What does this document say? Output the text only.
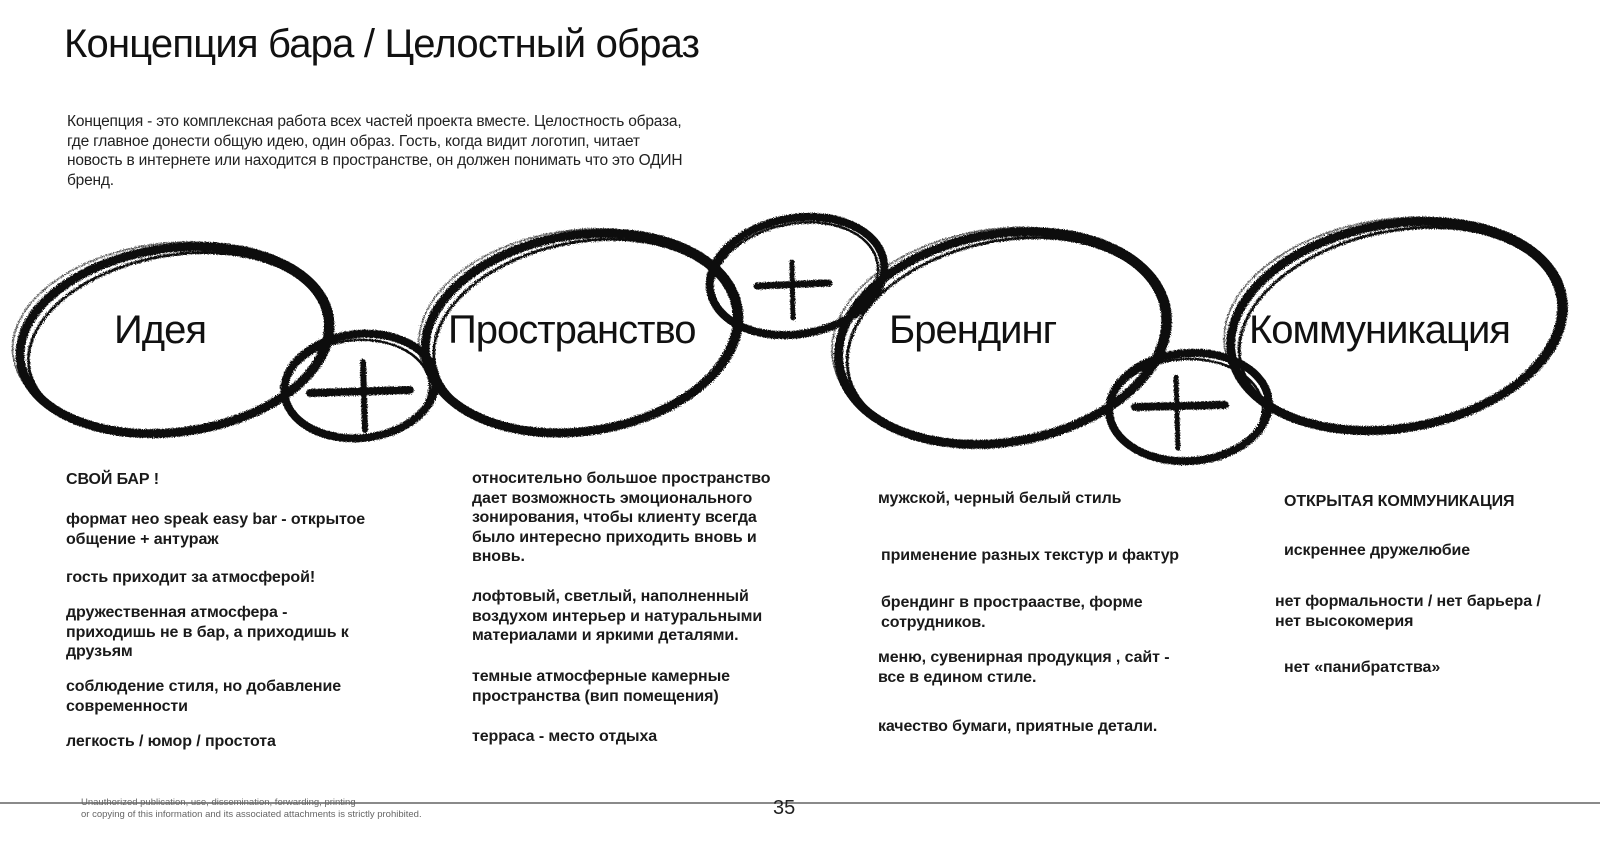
Концепция бара / Целостный образ
Концепция - это комплексная работа всех частей проекта вместе. Целостность образа,
где главное донести общую идею, один образ. Гость, когда видит логотип, читает
новость в интернете или находится в пространстве, он должен понимать что это ОДИН
бренд.
Идея	Пространство	Брендинг	Коммуникация
СВОЙ БАР !
формат нео speak easy bar - открытое
общение + антураж
гость приходит за атмосферой!
дружественная атмосфера -
приходишь не в бар, а приходишь к
друзьям
соблюдение стиля, но добавление
современности
легкость / юмор / простота
относительно большое пространство
дает возможность эмоционального
зонирования, чтобы клиенту всегда
было интересно приходить вновь и
вновь.
лофтовый, светлый, наполненный
воздухом интерьер и натуральными
материалами и яркими деталями.
темные атмосферные камерные
пространства (вип помещения)
терраса - место отдыха
мужской, черный белый стиль
применение разных текстур и фактур
брендинг в простраастве, форме
сотрудников.
меню, сувенирная продукция , сайт -
все в едином стиле.
качество бумаги, приятные детали.
ОТКРЫТАЯ КОММУНИКАЦИЯ
искреннее дружелюбие
нет формальности / нет барьера /
нет высокомерия
нет «панибратства»
Unauthorized publication, use, dissemination, forwarding, printing
or copying of this information and its associated attachments is strictly prohibited.	35
